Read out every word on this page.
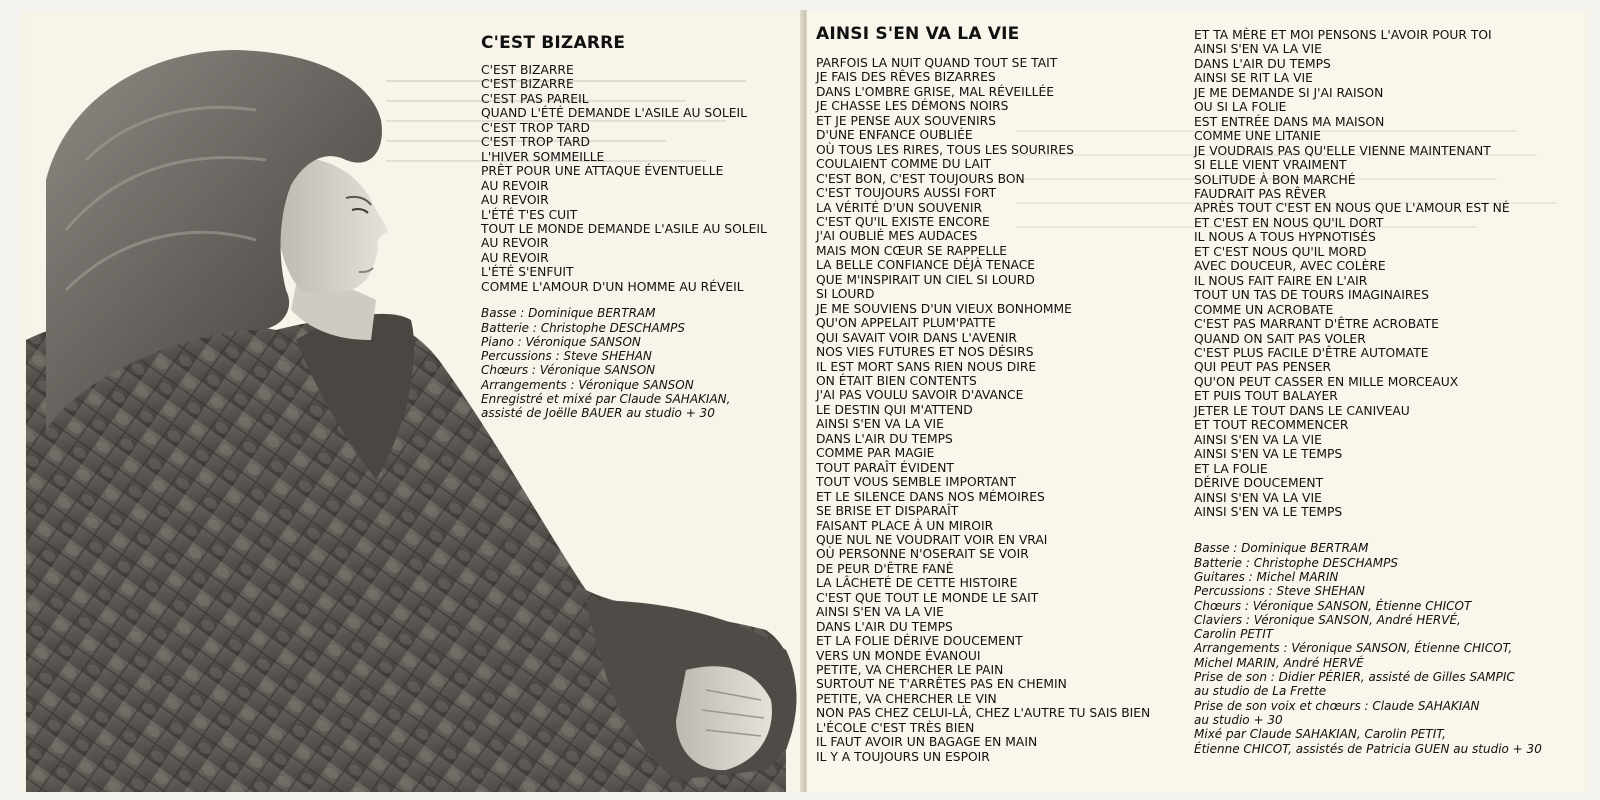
C'EST BIZARRE
C'EST BIZARRE
C'EST BIZARRE
C'EST PAS PAREIL
QUAND L'ÉTÉ DEMANDE L'ASILE AU SOLEIL
C'EST TROP TARD
C'EST TROP TARD
L'HIVER SOMMEILLE
PRÊT POUR UNE ATTAQUE ÉVENTUELLE
AU REVOIR
AU REVOIR
L'ÉTÉ T'ES CUIT
TOUT LE MONDE DEMANDE L'ASILE AU SOLEIL
AU REVOIR
AU REVOIR
L'ÉTÉ S'ENFUIT
COMME L'AMOUR D'UN HOMME AU RÉVEIL
Basse : Dominique BERTRAM
Batterie : Christophe DESCHAMPS
Piano : Véronique SANSON
Percussions : Steve SHEHAN
Chœurs : Véronique SANSON
Arrangements : Véronique SANSON
Enregistré et mixé par Claude SAHAKIAN,
assisté de Joëlle BAUER au studio + 30
AINSI S'EN VA LA VIE
PARFOIS LA NUIT QUAND TOUT SE TAIT
JE FAIS DES RÊVES BIZARRES
DANS L'OMBRE GRISE, MAL RÉVEILLÉE
JE CHASSE LES DÉMONS NOIRS
ET JE PENSE AUX SOUVENIRS
D'UNE ENFANCE OUBLIÉE
OÙ TOUS LES RIRES, TOUS LES SOURIRES
COULAIENT COMME DU LAIT
C'EST BON, C'EST TOUJOURS BON
C'EST TOUJOURS AUSSI FORT
LA VÉRITÉ D'UN SOUVENIR
C'EST QU'IL EXISTE ENCORE
J'AI OUBLIÉ MES AUDACES
MAIS MON CŒUR SE RAPPELLE
LA BELLE CONFIANCE DÉJÀ TENACE
QUE M'INSPIRAIT UN CIEL SI LOURD
SI LOURD
JE ME SOUVIENS D'UN VIEUX BONHOMME
QU'ON APPELAIT PLUM'PATTE
QUI SAVAIT VOIR DANS L'AVENIR
NOS VIES FUTURES ET NOS DÉSIRS
IL EST MORT SANS RIEN NOUS DIRE
ON ÉTAIT BIEN CONTENTS
J'AI PAS VOULU SAVOIR D'AVANCE
LE DESTIN QUI M'ATTEND
AINSI S'EN VA LA VIE
DANS L'AIR DU TEMPS
COMME PAR MAGIE
TOUT PARAÎT ÉVIDENT
TOUT VOUS SEMBLE IMPORTANT
ET LE SILENCE DANS NOS MÉMOIRES
SE BRISE ET DISPARAÎT
FAISANT PLACE À UN MIROIR
QUE NUL NE VOUDRAIT VOIR EN VRAI
OÙ PERSONNE N'OSERAIT SE VOIR
DE PEUR D'ÊTRE FANÉ
LA LÂCHETÉ DE CETTE HISTOIRE
C'EST QUE TOUT LE MONDE LE SAIT
AINSI S'EN VA LA VIE
DANS L'AIR DU TEMPS
ET LA FOLIE DÉRIVE DOUCEMENT
VERS UN MONDE ÉVANOUI
PETITE, VA CHERCHER LE PAIN
SURTOUT NE T'ARRÊTES PAS EN CHEMIN
PETITE, VA CHERCHER LE VIN
NON PAS CHEZ CELUI-LÀ, CHEZ L'AUTRE TU SAIS BIEN
L'ÉCOLE C'EST TRÈS BIEN
IL FAUT AVOIR UN BAGAGE EN MAIN
IL Y A TOUJOURS UN ESPOIR
ET TA MÈRE ET MOI PENSONS L'AVOIR POUR TOI
AINSI S'EN VA LA VIE
DANS L'AIR DU TEMPS
AINSI SE RIT LA VIE
JE ME DEMANDE SI J'AI RAISON
OU SI LA FOLIE
EST ENTRÉE DANS MA MAISON
COMME UNE LITANIE
JE VOUDRAIS PAS QU'ELLE VIENNE MAINTENANT
SI ELLE VIENT VRAIMENT
SOLITUDE À BON MARCHÉ
FAUDRAIT PAS RÊVER
APRÈS TOUT C'EST EN NOUS QUE L'AMOUR EST NÉ
ET C'EST EN NOUS QU'IL DORT
IL NOUS A TOUS HYPNOTISÉS
ET C'EST NOUS QU'IL MORD
AVEC DOUCEUR, AVEC COLÈRE
IL NOUS FAIT FAIRE EN L'AIR
TOUT UN TAS DE TOURS IMAGINAIRES
COMME UN ACROBATE
C'EST PAS MARRANT D'ÊTRE ACROBATE
QUAND ON SAIT PAS VOLER
C'EST PLUS FACILE D'ÊTRE AUTOMATE
QUI PEUT PAS PENSER
QU'ON PEUT CASSER EN MILLE MORCEAUX
ET PUIS TOUT BALAYER
JETER LE TOUT DANS LE CANIVEAU
ET TOUT RECOMMENCER
AINSI S'EN VA LA VIE
AINSI S'EN VA LE TEMPS
ET LA FOLIE
DÉRIVE DOUCEMENT
AINSI S'EN VA LA VIE
AINSI S'EN VA LE TEMPS
Basse : Dominique BERTRAM
Batterie : Christophe DESCHAMPS
Guitares : Michel MARIN
Percussions : Steve SHEHAN
Chœurs : Véronique SANSON, Étienne CHICOT
Claviers : Véronique SANSON, André HERVÉ,
Carolin PETIT
Arrangements : Véronique SANSON, Étienne CHICOT,
Michel MARIN, André HERVÉ
Prise de son : Didier PÉRIER, assisté de Gilles SAMPIC
au studio de La Frette
Prise de son voix et chœurs : Claude SAHAKIAN
au studio + 30
Mixé par Claude SAHAKIAN, Carolin PETIT,
Étienne CHICOT, assistés de Patricia GUEN au studio + 30
